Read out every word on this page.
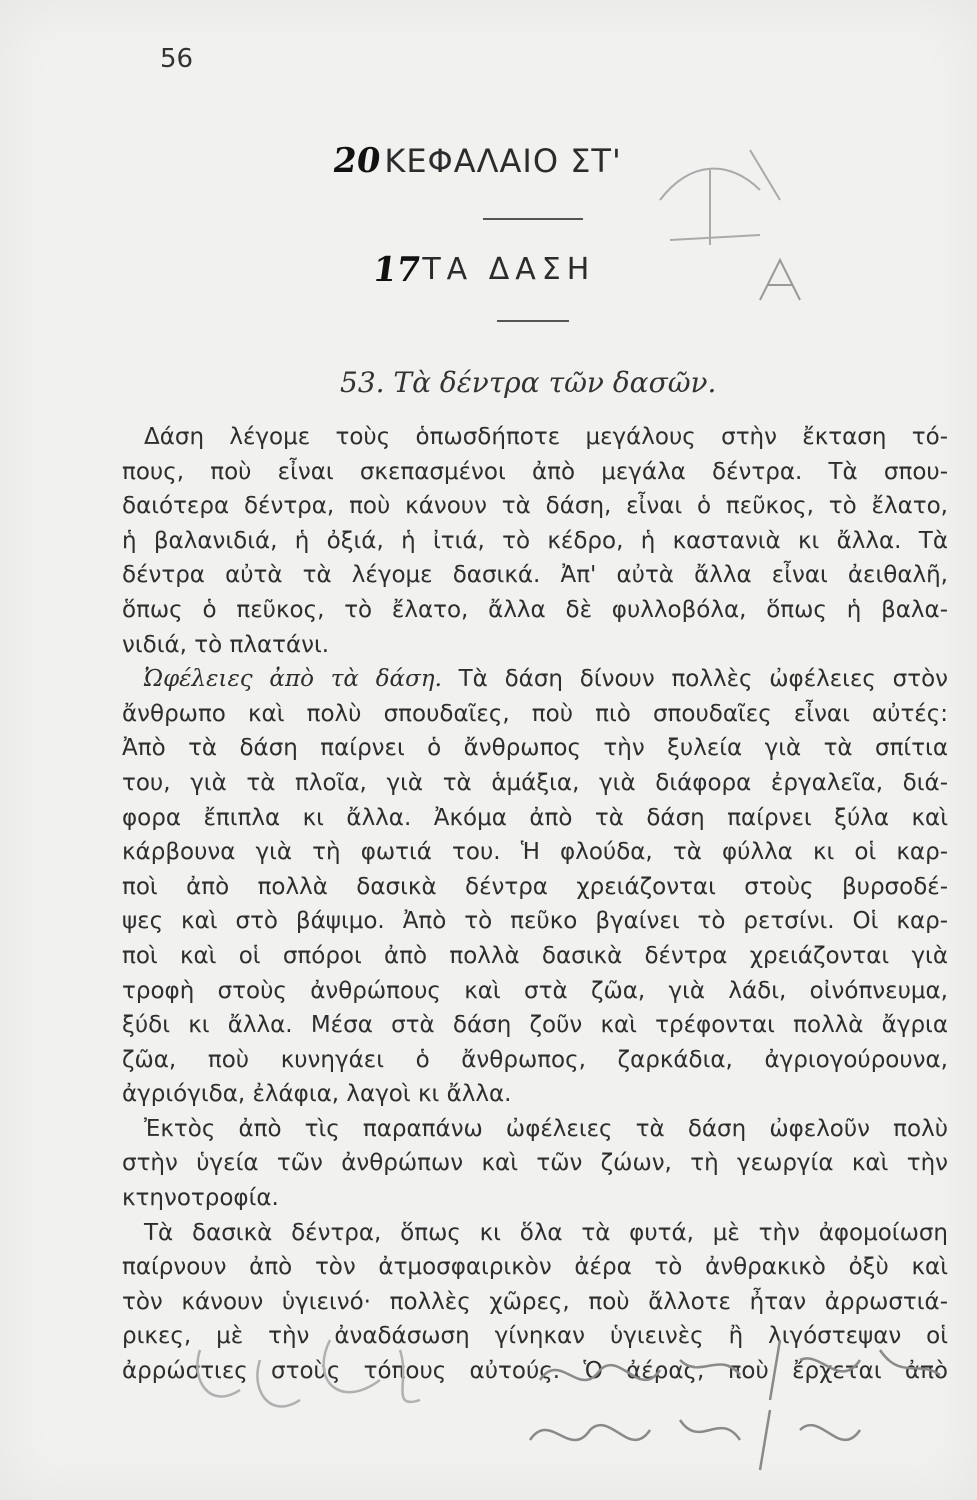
56
20 ΚΕΦΑΛΑΙΟ ΣΤ'
17 ΤΑ ΔΑΣΗ
53. Τὰ δέντρα τῶν δασῶν.
Δάση λέγομε τοὺς ὁπωσδήποτε μεγάλους στὴν ἔκταση τό-
πους, ποὺ εἶναι σκεπασμένοι ἀπὸ μεγάλα δέντρα. Τὰ σπου-
δαιότερα δέντρα, ποὺ κάνουν τὰ δάση, εἶναι ὁ πεῦκος, τὸ ἔλατο,
ἡ βαλανιδιά, ἡ ὀξιά, ἡ ἰτιά, τὸ κέδρο, ἡ καστανιὰ κι ἄλλα. Τὰ
δέντρα αὐτὰ τὰ λέγομε δασικά. Ἀπ' αὐτὰ ἄλλα εἶναι ἀειθαλῆ,
ὅπως ὁ πεῦκος, τὸ ἔλατο, ἄλλα δὲ φυλλοβόλα, ὅπως ἡ βαλα-
νιδιά, τὸ πλατάνι.
Ὠφέλειες ἀπὸ τὰ δάση. Τὰ δάση δίνουν πολλὲς ὠφέλειες στὸν
ἄνθρωπο καὶ πολὺ σπουδαῖες, ποὺ πιὸ σπουδαῖες εἶναι αὐτές:
Ἀπὸ τὰ δάση παίρνει ὁ ἄνθρωπος τὴν ξυλεία γιὰ τὰ σπίτια
του, γιὰ τὰ πλοῖα, γιὰ τὰ ἁμάξια, γιὰ διάφορα ἐργαλεῖα, διά-
φορα ἔπιπλα κι ἄλλα. Ἀκόμα ἀπὸ τὰ δάση παίρνει ξύλα καὶ
κάρβουνα γιὰ τὴ φωτιά του. Ἡ φλούδα, τὰ φύλλα κι οἱ καρ-
ποὶ ἀπὸ πολλὰ δασικὰ δέντρα χρειάζονται στοὺς βυρσοδέ-
ψες καὶ στὸ βάψιμο. Ἀπὸ τὸ πεῦκο βγαίνει τὸ ρετσίνι. Οἱ καρ-
ποὶ καὶ οἱ σπόροι ἀπὸ πολλὰ δασικὰ δέντρα χρειάζονται γιὰ
τροφὴ στοὺς ἀνθρώπους καὶ στὰ ζῶα, γιὰ λάδι, οἰνόπνευμα,
ξύδι κι ἄλλα. Μέσα στὰ δάση ζοῦν καὶ τρέφονται πολλὰ ἄγρια
ζῶα, ποὺ κυνηγάει ὁ ἄνθρωπος, ζαρκάδια, ἀγριογούρουνα,
ἀγριόγιδα, ἐλάφια, λαγοὶ κι ἄλλα.
Ἐκτὸς ἀπὸ τὶς παραπάνω ὠφέλειες τὰ δάση ὠφελοῦν πολὺ
στὴν ὑγεία τῶν ἀνθρώπων καὶ τῶν ζώων, τὴ γεωργία καὶ τὴν
κτηνοτροφία.
Τὰ δασικὰ δέντρα, ὅπως κι ὅλα τὰ φυτά, μὲ τὴν ἀφομοίωση
παίρνουν ἀπὸ τὸν ἀτμοσφαιρικὸν ἀέρα τὸ ἀνθρακικὸ ὀξὺ καὶ
τὸν κάνουν ὑγιεινό· πολλὲς χῶρες, ποὺ ἄλλοτε ἦταν ἀρρωστιά-
ρικες, μὲ τὴν ἀναδάσωση γίνηκαν ὑγιεινὲς ἢ λιγόστεψαν οἱ
ἀρρώστιες στοὺς τόπους αὐτούς. Ὁ ἀέρας, ποὺ ἔρχεται ἀπὸ
